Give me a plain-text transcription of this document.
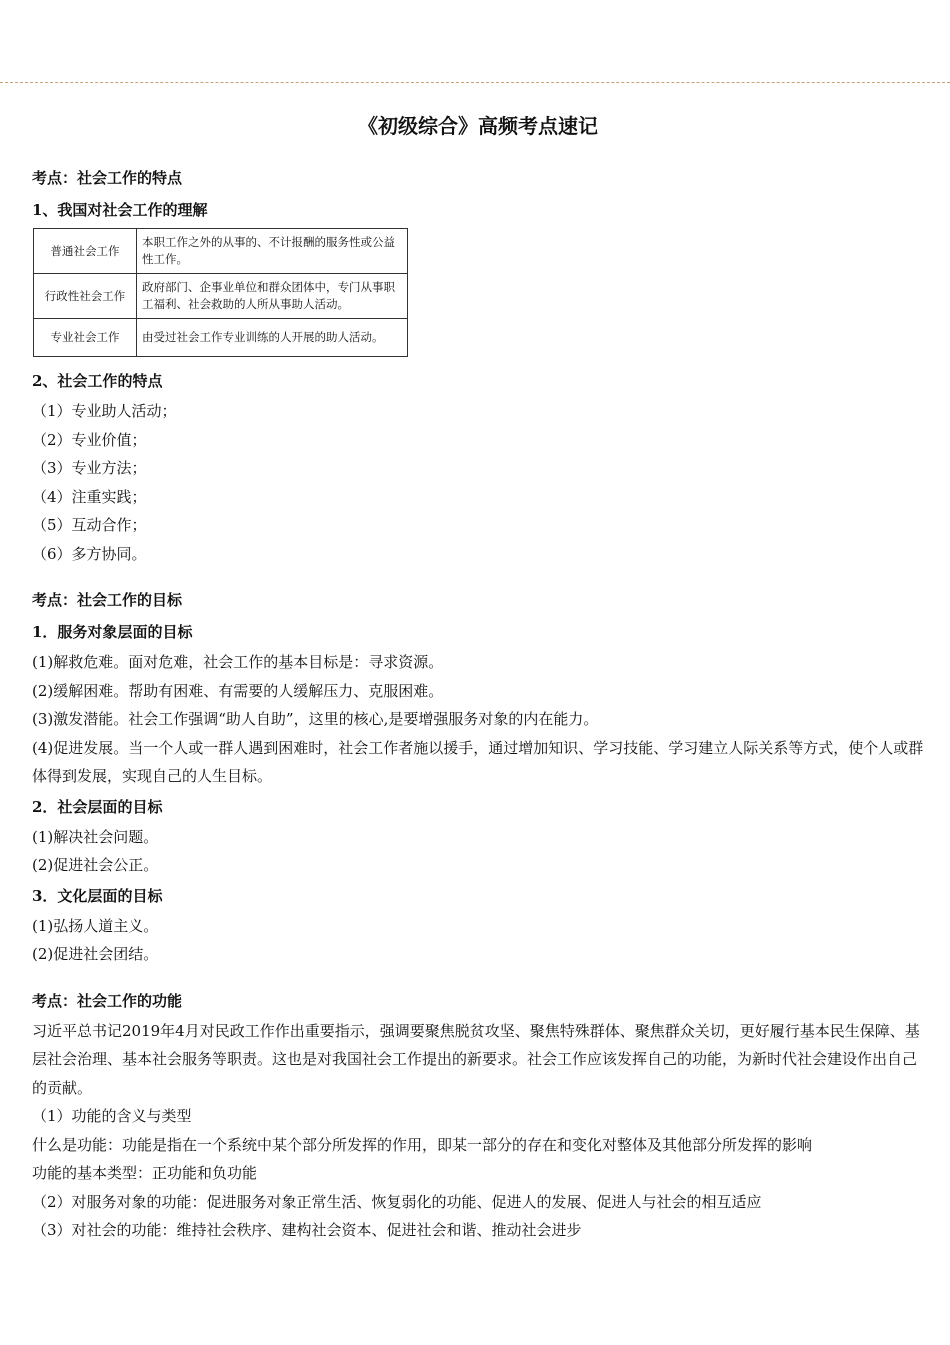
《初级综合》高频考点速记
考点：社会工作的特点
1、我国对社会工作的理解
普通社会工作	本职工作之外的从事的、不计报酬的服务性或公益性工作。
行政性社会工作	政府部门、企事业单位和群众团体中，专门从事职工福利、社会救助的人所从事助人活动。
专业社会工作	由受过社会工作专业训练的人开展的助人活动。
2、社会工作的特点
（1）专业助人活动；
（2）专业价值；
（3）专业方法；
（4）注重实践；
（5）互动合作；
（6）多方协同。
考点：社会工作的目标
1．服务对象层面的目标
(1)解救危难。面对危难，社会工作的基本目标是：寻求资源。
(2)缓解困难。帮助有困难、有需要的人缓解压力、克服困难。
(3)激发潜能。社会工作强调“助人自助”，这里的核心,是要增强服务对象的内在能力。
(4)促进发展。当一个人或一群人遇到困难时，社会工作者施以援手，通过增加知识、学习技能、学习建立人际关系等方式，使个人或群体得到发展，实现自己的人生目标。
2．社会层面的目标
(1)解决社会问题。
(2)促进社会公正。
3．文化层面的目标
(1)弘扬人道主义。
(2)促进社会团结。
考点：社会工作的功能
习近平总书记2019年4月对民政工作作出重要指示，强调要聚焦脱贫攻坚、聚焦特殊群体、聚焦群众关切，更好履行基本民生保障、基层社会治理、基本社会服务等职责。这也是对我国社会工作提出的新要求。社会工作应该发挥自己的功能，为新时代社会建设作出自己的贡献。
（1）功能的含义与类型
什么是功能：功能是指在一个系统中某个部分所发挥的作用，即某一部分的存在和变化对整体及其他部分所发挥的影响
功能的基本类型：正功能和负功能
（2）对服务对象的功能：促进服务对象正常生活、恢复弱化的功能、促进人的发展、促进人与社会的相互适应
（3）对社会的功能：维持社会秩序、建构社会资本、促进社会和谐、推动社会进步
